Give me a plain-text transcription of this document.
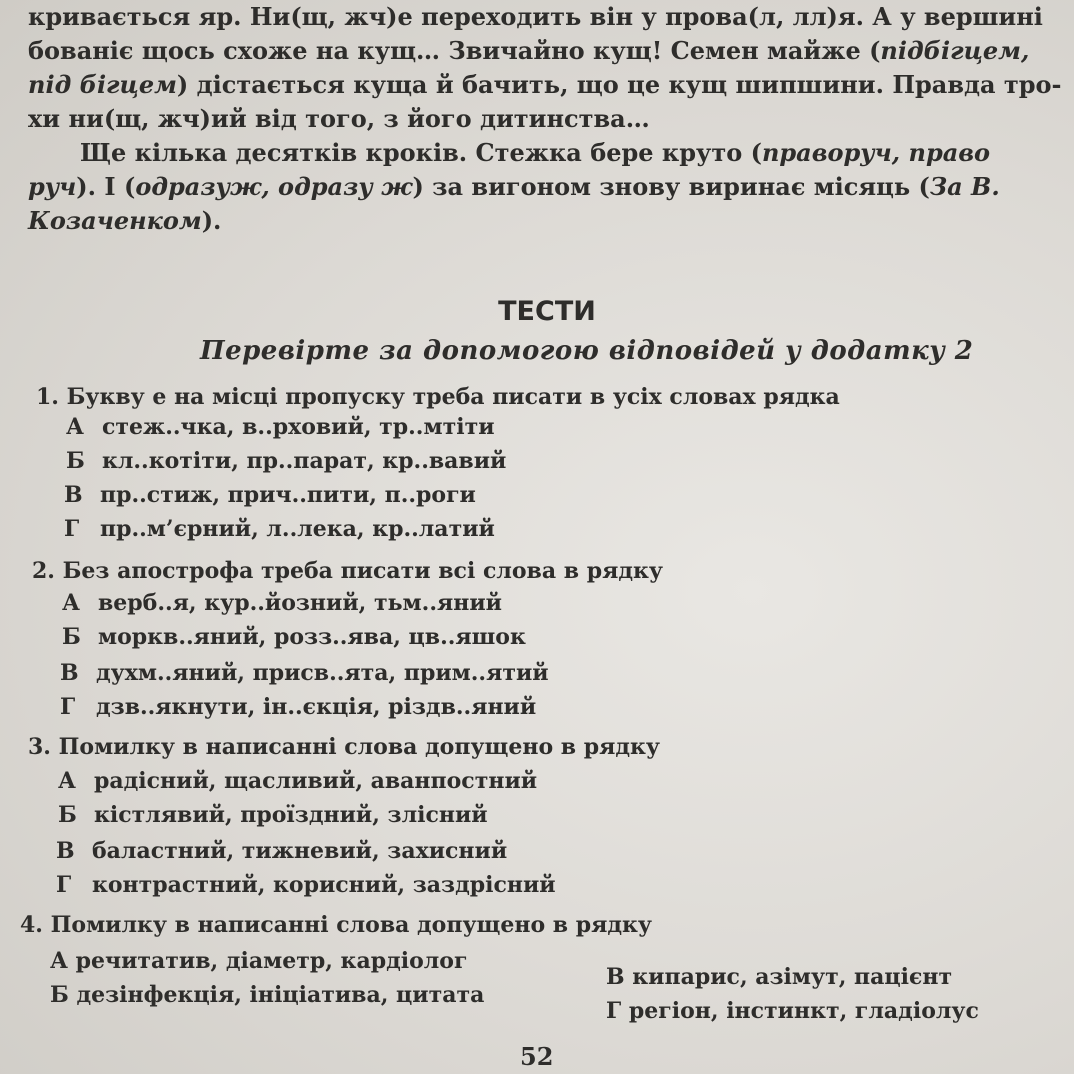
кривається яр. Ни(щ, жч)е переходить він у прова(л, лл)я. А у вершині
бованіє щось схоже на кущ… Звичайно кущ! Семен майже (підбігцем, під бігцем) дістається куща й бачить, що це кущ шипшини. Правда тро-
хи ни(щ, жч)ий від того, з його дитинства…

Ще кілька десятків кроків. Стежка бере круто (праворуч, право руч). І (одразуж, одразу ж) за вигоном знову виринає місяць (За В. Козаченком).

ТЕСТИ
Перевірте за допомогою відповідей у додатку 2
1. Букву е на місці пропуску треба писати в усіх словах рядка
А стеж..чка, в..рховий, тр..мтіти
Б кл..котіти, пр..парат, кр..вавий
В пр..стиж, прич..пити, п..роги
Г пр..м’єрний, л..лека, кр..латий
2. Без апострофа треба писати всі слова в рядку
А верб..я, кур..йозний, тьм..яний
Б моркв..яний, розз..ява, цв..яшок
В духм..яний, присв..ята, прим..ятий
Г дзв..якнути, ін..єкція, різдв..яний
3. Помилку в написанні слова допущено в рядку
А радісний, щасливий, аванпостний
Б кістлявий, проїздний, злісний
В баластний, тижневий, захисний
Г контрастний, корисний, заздрісний
4. Помилку в написанні слова допущено в рядку
А речитатив, діаметр, кардіолог
Б дезінфекція, ініціатива, цитата
В кипарис, азімут, пацієнт
Г регіон, інстинкт, гладіолус
52
